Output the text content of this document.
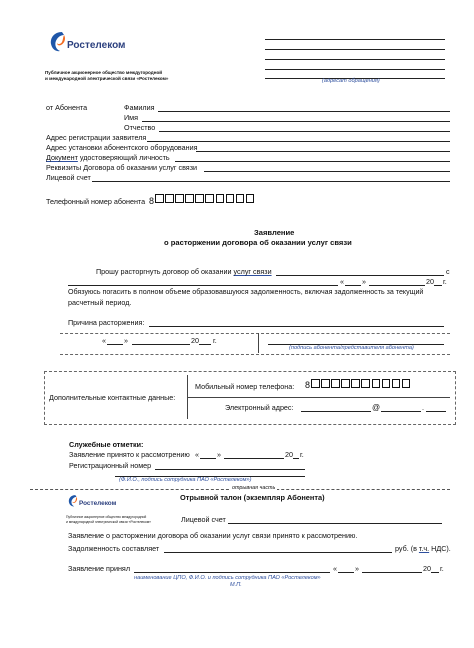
Ростелеком
Публичное акционерное общество междугородной
и международной электрической связи «Ростелеком»	(адресат обращения)
от Абонента	Фамилия
Имя
Отчество
Адрес регистрации заявителя
Адрес установки абонентского оборудования
Документ удостоверяющий личность
Реквизиты Договора об оказании услуг связи
Лицевой счет
Телефонный номер абонента 8
Заявление
о расторжении договора об оказании услуг связи
Прошу расторгнуть договор об оказании услуг связи	с
«	»	20 г.
Обязуюсь погасить в полном объеме образовавшуюся задолженность, включая задолженность за текущий
расчетный период.
Причина расторжения:
«	»	20 г.
(подпись абонента/представителя абонента)
Дополнительные контактные данные:
Мобильный номер телефона: 8
Электронный адрес:	@	.
Служебные отметки:
Заявление принято к рассмотрению «	»	20 г.
Регистрационный номер
(Ф.И.О., подпись сотрудника ПАО «Ростелеком»)
отрывная часть
Ростелеком
Публичное акционерное общество междугородной
и международной электрической связи «Ростелеком»
Отрывной талон (экземпляр Абонента)
Лицевой счет
Заявление о расторжении договора об оказании услуг связи принято к рассмотрению.
Задолженность составляет	руб. (в т.ч. НДС).
Заявление принял	«	»	20 г.
наименование ЦПО, Ф.И.О. и подпись сотрудника ПАО «Ростелеком»
М.П.
